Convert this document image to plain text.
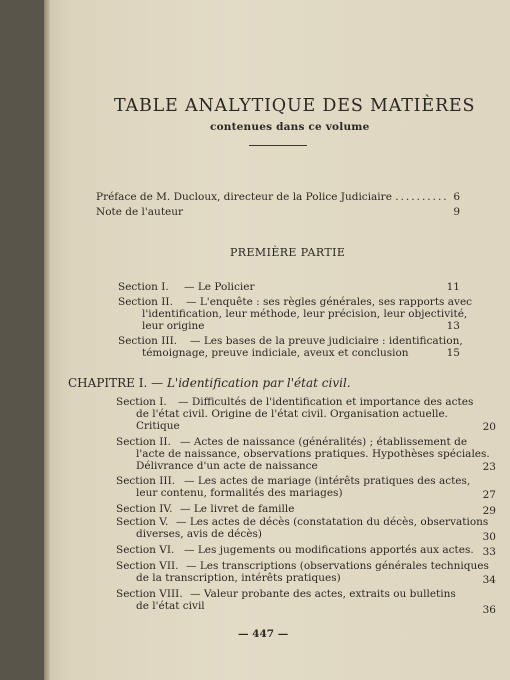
TABLE ANALYTIQUE DES MATIÈRES
contenues dans ce volume
Préface de M. Ducloux, directeur de la Police Judiciaire .......... 6
Note de l'auteur	9
PREMIÈRE PARTIE
Section I. — Le Policier	11
Section II. — L'enquête : ses règles générales, ses rapports avec
l'identification, leur méthode, leur précision, leur objectivité,
leur origine	13
Section III. — Les bases de la preuve judiciaire : identification,
témoignage, preuve indiciale, aveux et conclusion	15
CHAPITRE I. — L'identification par l'état civil.
Section I. — Difficultés de l'identification et importance des actes
de l'état civil. Origine de l'état civil. Organisation actuelle.
Critique	20
Section II. — Actes de naissance (généralités) ; établissement de
l'acte de naissance, observations pratiques. Hypothèses spéciales.
Délivrance d'un acte de naissance	23
Section III. — Les actes de mariage (intérêts pratiques des actes,
leur contenu, formalités des mariages)	27
Section IV. — Le livret de famille	29
Section V. — Les actes de décès (constatation du décès, observations
diverses, avis de décès)	30
Section VI. — Les jugements ou modifications apportés aux actes. 33
Section VII. — Les transcriptions (observations générales techniques
de la transcription, intérêts pratiques)	34
Section VIII. — Valeur probante des actes, extraits ou bulletins
de l'état civil	36
— 447 —
